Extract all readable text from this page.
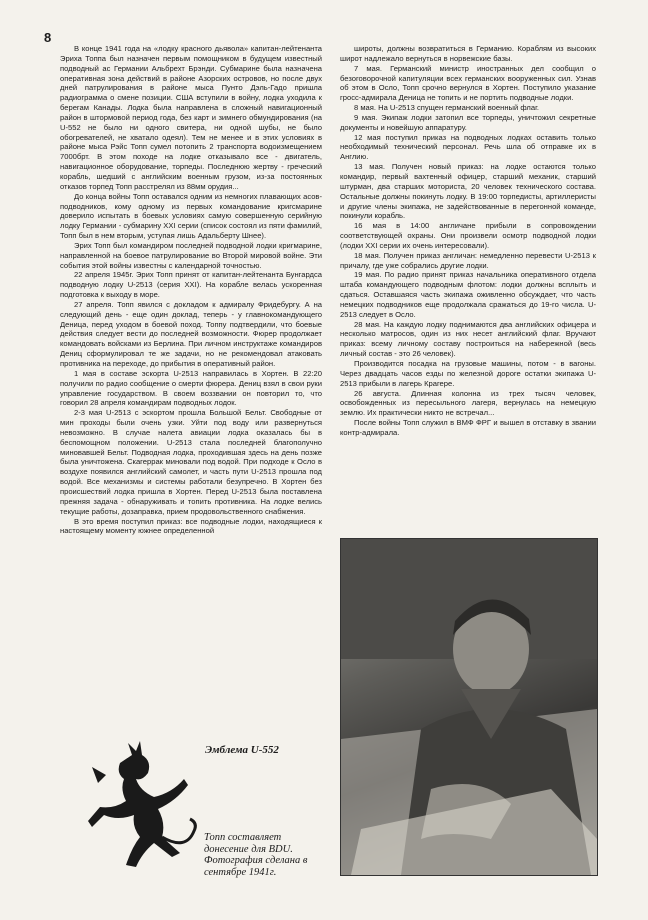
8

В конце 1941 года на «лодку красного дьявола» капитан-лейтенанта Эриха Топпа был назначен первым помощником в будущем известный подводный ас Германии Альбрехт Брэнди. Субмарине была назначена оперативная зона действий в районе Азорских островов, но после двух дней патрулирования в районе мыса Пунто Дэль-Гадо пришла радиограмма о смене позиции. США вступили в войну, лодка уходила к берегам Канады. Лодка была направлена в сложный навигационный район в штормовой период года, без карт и зимнего обмундирования (на U-552 не было ни одного свитера, ни одной шубы, не было обогревателей, не хватало одеял). Тем не менее и в этих условиях в районе мыса Рэйс Топп сумел потопить 2 транспорта водоизмещением 7000брт. В этом походе на лодке отказывало все - двигатель, навигационное оборудование, торпеды. Последнюю жертву - греческий корабль, шедший с английским военным грузом, из-за постоянных отказов торпед Топп расстрелял из 88мм орудия...

До конца войны Топп оставался одним из немногих плавающих асов-подводников, кому одному из первых командование кригсмарине доверило испытать в боевых условиях самую совершенную серийную лодку Германии - субмарину XXI серии (список состоял из пяти фамилий, Топп был в нем вторым, уступая лишь Адальберту Шнее).

Эрих Топп был командиром последней подводной лодки кригмарине, направленной на боевое патрулирование во Второй мировой войне. Эти события этой войны известны с календарной точностью.

22 апреля 1945г. Эрих Топп принят от капитан-лейтенанта Бунгардса подводную лодку U-2513 (серия XXI). На корабле велась ускоренная подготовка к выходу в море.

27 апреля. Топп явился с докладом к адмиралу Фридебургу. А на следующий день - еще один доклад, теперь - у главнокомандующего Деница, перед уходом в боевой поход. Топпу подтвердили, что боевые действия следует вести до последней возможности. Фюрер продолжает командовать войсками из Берлина. При личном инструктаже командиров Дениц сформулировал те же задачи, но не рекомендовал атаковать противника на переходе, до прибытия в оперативный район.

1 мая в составе эскорта U-2513 направилась в Хортен. В 22:20 получили по радио сообщение о смерти фюрера. Дениц взял в свои руки управление государством. В своем воззвании он повторил то, что говорил 28 апреля командирам подводных лодок.

2-3 мая U-2513 с эскортом прошла Большой Бельт. Свободные от мин проходы были очень узки. Уйти под воду или развернуться невозможно. В случае налета авиации лодка оказалась бы в беспомощном положении. U-2513 стала последней благополучно миновавшей Бельт. Подводная лодка, проходившая здесь на день позже была уничтожена. Скагеррак миновали под водой. При подходе к Осло в воздухе появился английский самолет, и часть пути U-2513 прошла под водой. Все механизмы и системы работали безупречно. В Хортен без происшествий лодка пришла в Хортен. Перед U-2513 была поставлена прежняя задача - обнаруживать и топить противника. На лодке велись текущие работы, дозаправка, прием продовольственного снабжения.

В это время поступил приказ: все подводные лодки, находящиеся к настоящему моменту южнее определенной

широты, должны возвратиться в Германию. Кораблям из высоких широт надлежало вернуться в норвежские базы.

7 мая. Германский министр иностранных дел сообщил о безоговорочной капитуляции всех германских вооруженных сил. Узнав об этом в Осло, Топп срочно вернулся в Хортен. Поступило указание гросс-адмирала Деница не топить и не портить подводные лодки.

8 мая. На U-2513 спущен германский военный флаг.

9 мая. Экипаж лодки затопил все торпеды, уничтожил секретные документы и новейшую аппаратуру.

12 мая поступил приказ на подводных лодках оставить только необходимый технический персонал. Речь шла об отправке их в Англию.

13 мая. Получен новый приказ: на лодке остаются только командир, первый вахтенный офицер, старший механик, старший штурман, два старших моториста, 20 человек технического состава. Остальные должны покинуть лодку. В 19:00 торпедисты, артиллеристы и другие члены экипажа, не задействованные в перегонной команде, покинули корабль.

16 мая в 14:00 англичане прибыли в сопровождении соответствующей охраны. Они произвели осмотр подводной лодки (лодки XXI серии их очень интересовали).

18 мая. Получен приказ англичан: немедленно перевести U-2513 к причалу, где уже собрались другие лодки.

19 мая. По радио принят приказ начальника оперативного отдела штаба командующего подводным флотом: лодки должны всплыть и сдаться. Оставшаяся часть экипажа оживленно обсуждает, что часть немецких подводников еще продолжала сражаться до 19-го числа. U-2513 следует в Осло.

28 мая. На каждую лодку поднимаются два английских офицера и несколько матросов, один из них несет английский флаг. Вручают приказ: всему личному составу построиться на набережной (весь личный состав - это 26 человек).

Производится посадка на грузовые машины, потом - в вагоны. Через двадцать часов езды по железной дороге остатки экипажа U-2513 прибыли в лагерь Крагере.

26 августа. Длинная колонна из трех тысяч человек, освобожденных из пересыльного лагеря, вернулась на немецкую землю. Их практически никто не встречал...

После войны Топп служил в ВМФ ФРГ и вышел в отставку в звании контр-адмирала.

Эмблема U-552
Топп составляет донесение для BDU. Фотография сделана в сентябре 1941г.
